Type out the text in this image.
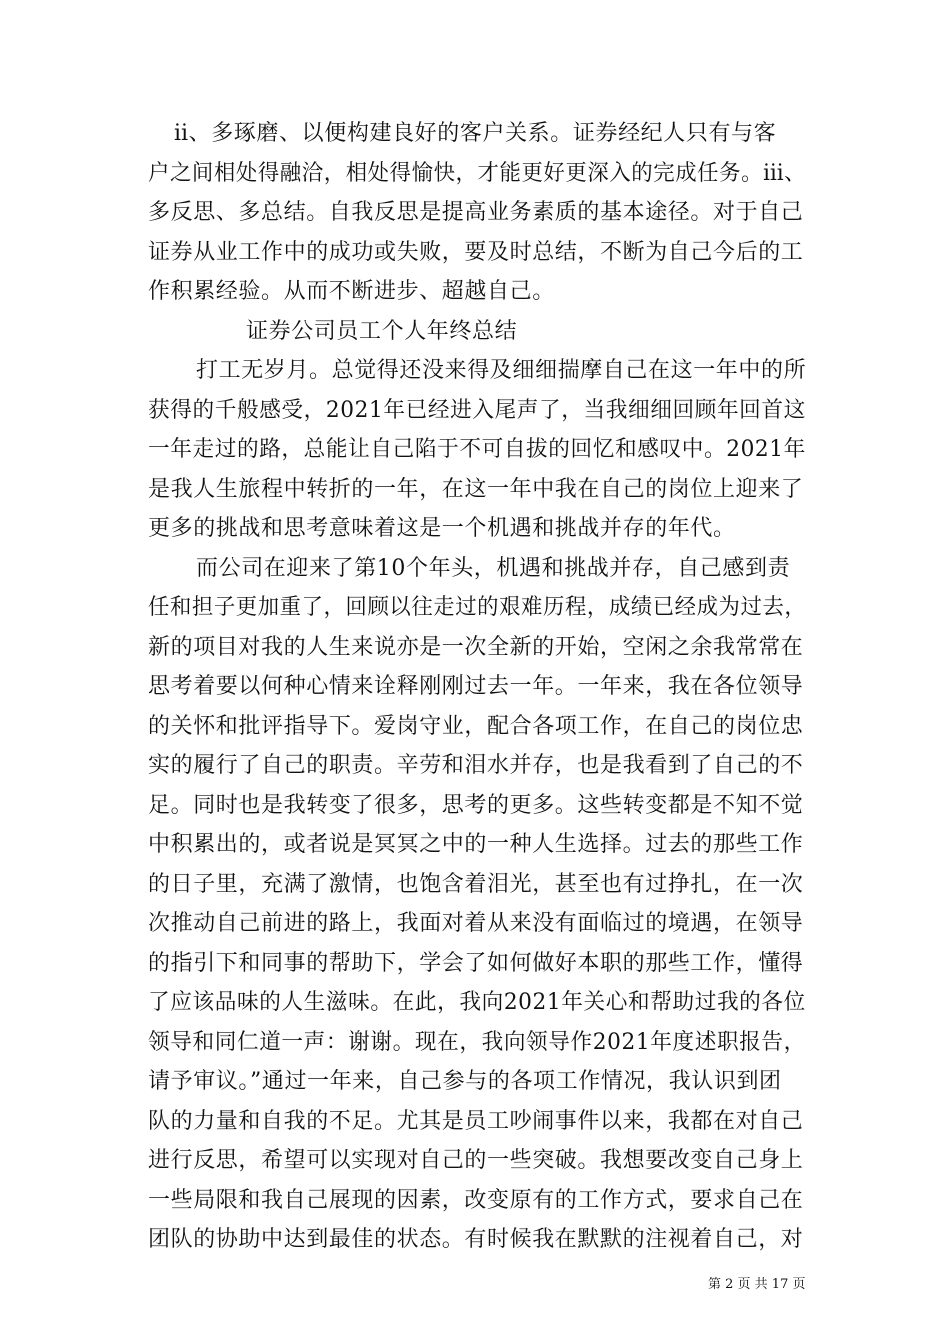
ⅱ、多琢磨、以便构建良好的客户关系。证券经纪人只有与客
户之间相处得融洽，相处得愉快，才能更好更深入的完成任务。ⅲ、
多反思、多总结。自我反思是提高业务素质的基本途径。对于自己
证券从业工作中的成功或失败，要及时总结，不断为自己今后的工
作积累经验。从而不断进步、超越自己。
证券公司员工个人年终总结
打工无岁月。总觉得还没来得及细细揣摩自己在这一年中的所
获得的千般感受，2021年已经进入尾声了，当我细细回顾年回首这
一年走过的路，总能让自己陷于不可自拔的回忆和感叹中。2021年
是我人生旅程中转折的一年，在这一年中我在自己的岗位上迎来了
更多的挑战和思考意味着这是一个机遇和挑战并存的年代。
而公司在迎来了第10个年头，机遇和挑战并存，自己感到责
任和担子更加重了，回顾以往走过的艰难历程，成绩已经成为过去，
新的项目对我的人生来说亦是一次全新的开始，空闲之余我常常在
思考着要以何种心情来诠释刚刚过去一年。一年来，我在各位领导
的关怀和批评指导下。爱岗守业，配合各项工作，在自己的岗位忠
实的履行了自己的职责。辛劳和泪水并存，也是我看到了自己的不
足。同时也是我转变了很多，思考的更多。这些转变都是不知不觉
中积累出的，或者说是冥冥之中的一种人生选择。过去的那些工作
的日子里，充满了激情，也饱含着泪光，甚至也有过挣扎，在一次
次推动自己前进的路上，我面对着从来没有面临过的境遇，在领导
的指引下和同事的帮助下，学会了如何做好本职的那些工作，懂得
了应该品味的人生滋味。在此，我向2021年关心和帮助过我的各位
领导和同仁道一声：谢谢。现在，我向领导作2021年度述职报告，
请予审议。”通过一年来，自己参与的各项工作情况，我认识到团
队的力量和自我的不足。尤其是员工吵闹事件以来，我都在对自己
进行反思，希望可以实现对自己的一些突破。我想要改变自己身上
一些局限和我自己展现的因素，改变原有的工作方式，要求自己在
团队的协助中达到最佳的状态。有时候我在默默的注视着自己，对
第 2 页 共 17 页
